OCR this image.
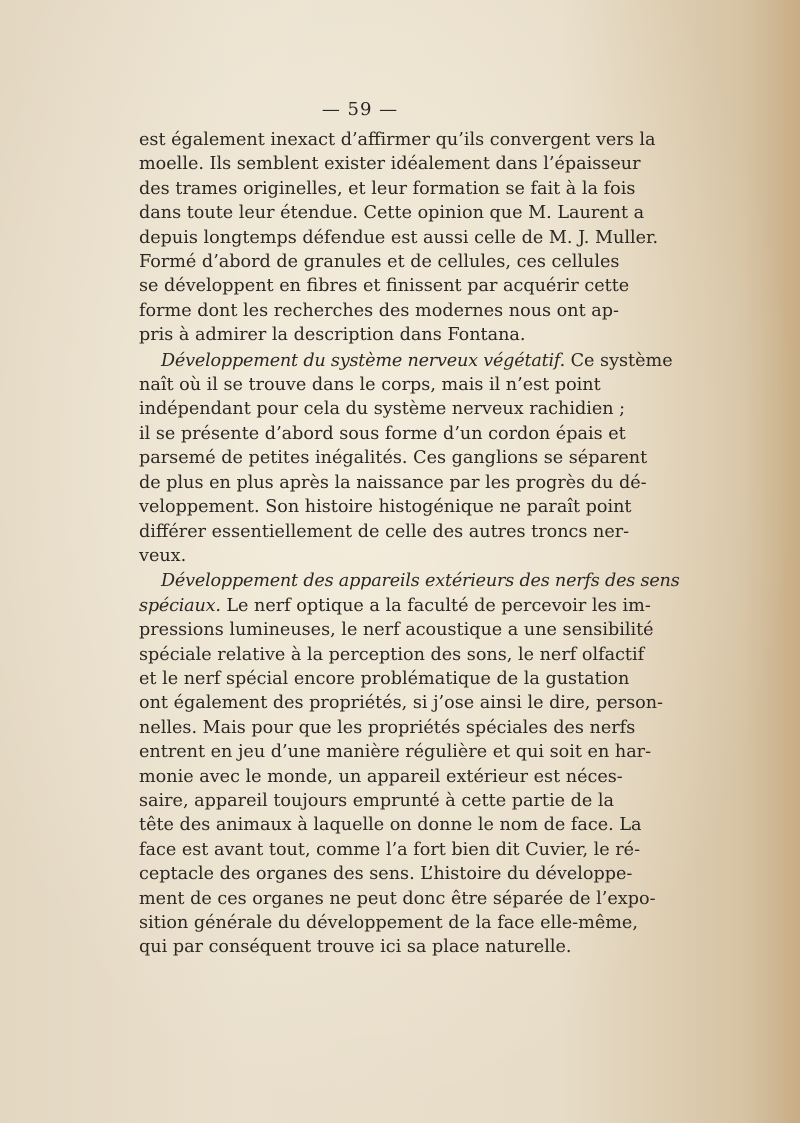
— 59 —
est également inexact d’affirmer qu’ils convergent vers la
moelle. Ils semblent exister idéalement dans l’épaisseur
des trames originelles, et leur formation se fait à la fois
dans toute leur étendue. Cette opinion que M. Laurent a
depuis longtemps défendue est aussi celle de M. J. Muller.
Formé d’abord de granules et de cellules, ces cellules
se développent en fibres et finissent par acquérir cette
forme dont les recherches des modernes nous ont ap-
pris à admirer la description dans Fontana.
Développement du système nerveux végétatif. Ce système
naît où il se trouve dans le corps, mais il n’est point
indépendant pour cela du système nerveux rachidien ;
il se présente d’abord sous forme d’un cordon épais et
parsemé de petites inégalités. Ces ganglions se séparent
de plus en plus après la naissance par les progrès du dé-
veloppement. Son histoire histogénique ne paraît point
différer essentiellement de celle des autres troncs ner-
veux.
Développement des appareils extérieurs des nerfs des sens
spéciaux. Le nerf optique a la faculté de percevoir les im-
pressions lumineuses, le nerf acoustique a une sensibilité
spéciale relative à la perception des sons, le nerf olfactif
et le nerf spécial encore problématique de la gustation
ont également des propriétés, si j’ose ainsi le dire, person-
nelles. Mais pour que les propriétés spéciales des nerfs
entrent en jeu d’une manière régulière et qui soit en har-
monie avec le monde, un appareil extérieur est néces-
saire, appareil toujours emprunté à cette partie de la
tête des animaux à laquelle on donne le nom de face. La
face est avant tout, comme l’a fort bien dit Cuvier, le ré-
ceptacle des organes des sens. L’histoire du développe-
ment de ces organes ne peut donc être séparée de l’expo-
sition générale du développement de la face elle-même,
qui par conséquent trouve ici sa place naturelle.
